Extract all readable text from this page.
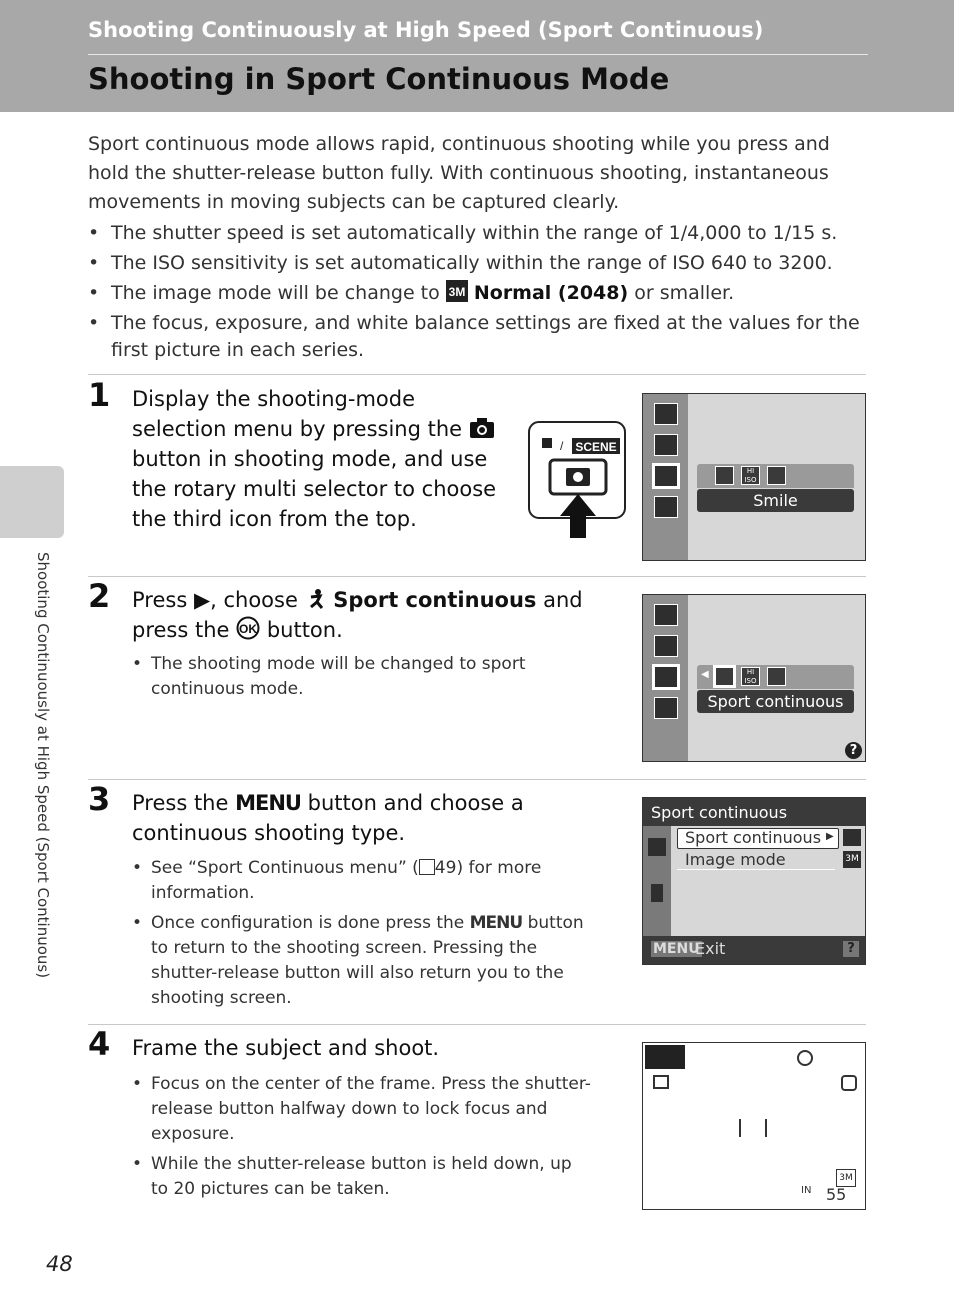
Shooting Continuously at High Speed (Sport Continuous)
Shooting in Sport Continuous Mode
Sport continuous mode allows rapid, continuous shooting while you press and hold the shutter-release button fully. With continuous shooting, instantaneous movements in moving subjects can be captured clearly.
• The shutter speed is set automatically within the range of 1/4,000 to 1/15 s.
• The ISO sensitivity is set automatically within the range of ISO 640 to 3200.
• The image mode will be change to 3M Normal (2048) or smaller.
• The focus, exposure, and white balance settings are fixed at the values for the first picture in each series.
1 Display the shooting-mode selection menu by pressing the  button in shooting mode, and use the rotary multi selector to choose the third icon from the top.
/ SCENE
HI ISO
Smile
2 Press ▶, choose Sport continuous and press the OK button.
• The shooting mode will be changed to sport continuous mode.
◀	HI ISO
Sport continuous
?
3 Press the MENU button and choose a continuous shooting type.
• See “Sport Continuous menu” ( 49) for more information.
• Once configuration is done press the MENU button to return to the shooting screen. Pressing the shutter-release button will also return you to the shooting screen.
Sport continuous
Sport continuous ▶
Image mode	3M
MENU
Exit	?
4 Frame the subject and shoot.
• Focus on the center of the frame. Press the shutter-release button halfway down to lock focus and exposure.
• While the shutter-release button is held down, up to 20 pictures can be taken.
3M
IN 55
Shooting Continuously at High Speed (Sport Continuous)
48
